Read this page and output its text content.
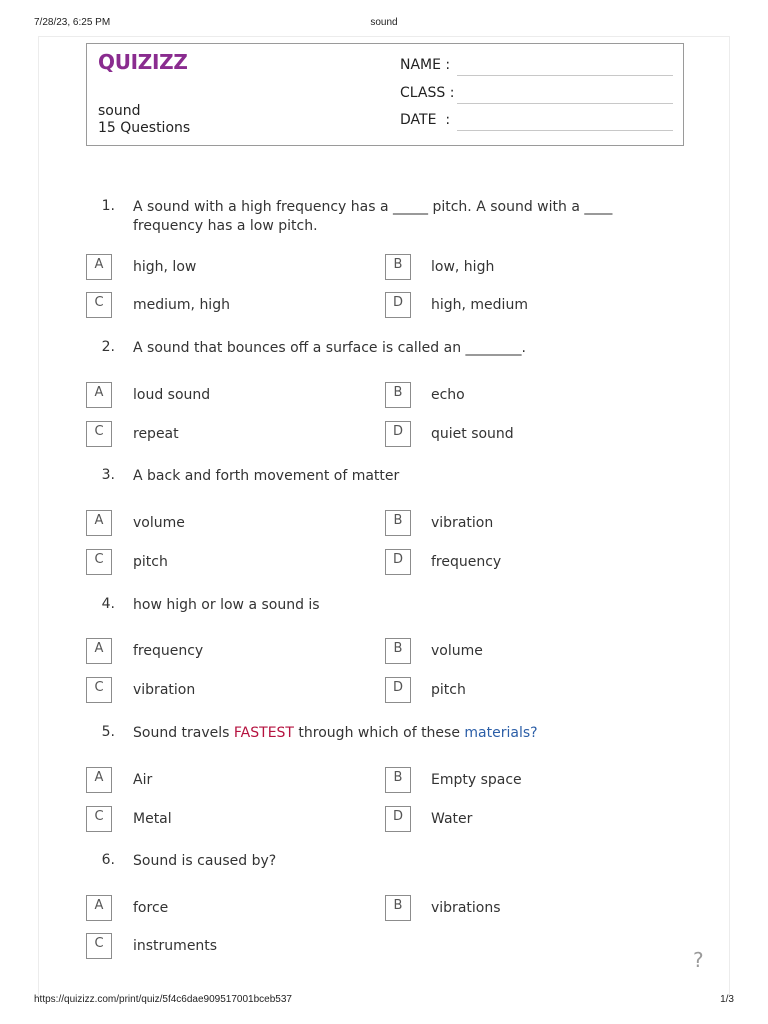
7/28/23, 6:25 PM	sound
QUIZIZZ
sound
15 Questions
NAME :
CLASS :
DATE  :
1. A sound with a high frequency has a _____ pitch. A sound with a ____ frequency has a low pitch.
A	high, low	B	low, high
C	medium, high	D	high, medium
2. A sound that bounces off a surface is called an ________.
A	loud sound	B	echo
C	repeat	D	quiet sound
3. A back and forth movement of matter
A	volume	B	vibration
C	pitch	D	frequency
4. how high or low a sound is
A	frequency	B	volume
C	vibration	D	pitch
5. Sound travels FASTEST through which of these materials?
A	Air	B	Empty space
C	Metal	D	Water
6. Sound is caused by?
A	force	B	vibrations
C	instruments
?
https://quizizz.com/print/quiz/5f4c6dae909517001bceb537	1/3
